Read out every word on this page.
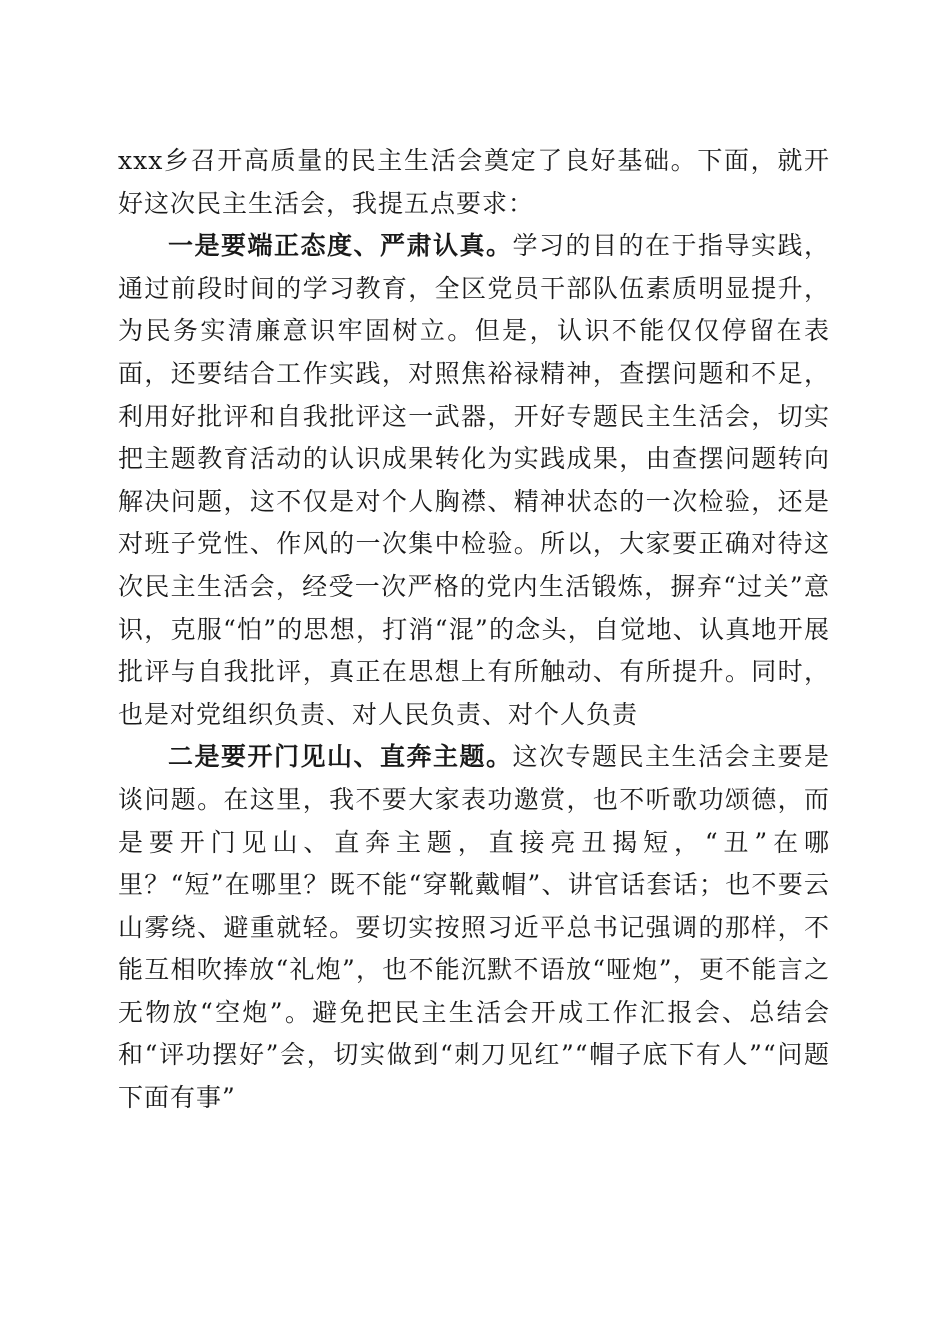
xxx乡召开高质量的民主生活会奠定了良好基础。下面，就开好这次民主生活会，我提五点要求：

一是要端正态度、严肃认真。学习的目的在于指导实践，通过前段时间的学习教育，全区党员干部队伍素质明显提升，为民务实清廉意识牢固树立。但是，认识不能仅仅停留在表面，还要结合工作实践，对照焦裕禄精神，查摆问题和不足，利用好批评和自我批评这一武器，开好专题民主生活会，切实把主题教育活动的认识成果转化为实践成果，由查摆问题转向解决问题，这不仅是对个人胸襟、精神状态的一次检验，还是对班子党性、作风的一次集中检验。所以，大家要正确对待这次民主生活会，经受一次严格的党内生活锻炼，摒弃“过关”意识，克服“怕”的思想，打消“混”的念头，自觉地、认真地开展批评与自我批评，真正在思想上有所触动、有所提升。同时，也是对党组织负责、对人民负责、对个人负责

二是要开门见山、直奔主题。这次专题民主生活会主要是谈问题。在这里，我不要大家表功邀赏，也不听歌功颂德，而是要开门见山、直奔主题，直接亮丑揭短，“丑”在哪里？“短”在哪里？既不能“穿靴戴帽”、讲官话套话；也不要云山雾绕、避重就轻。要切实按照习近平总书记强调的那样，不能互相吹捧放“礼炮”，也不能沉默不语放“哑炮”，更不能言之无物放“空炮”。避免把民主生活会开成工作汇报会、总结会和“评功摆好”会，切实做到“刺刀见红”“帽子底下有人”“问题下面有事”
